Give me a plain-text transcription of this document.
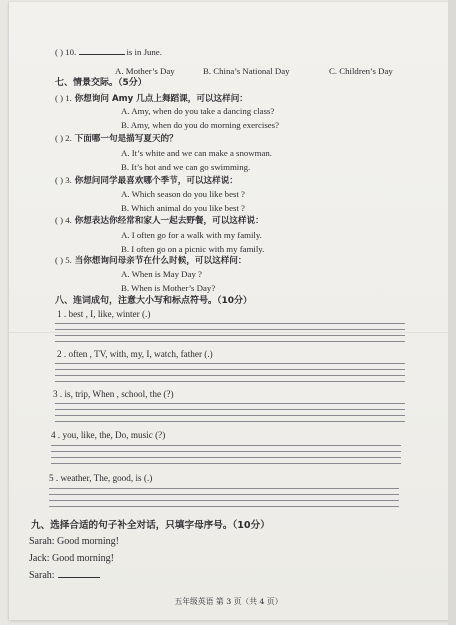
( ) 10.	is in June.
A. Mother’s Day	B. China’s National Day	C. Children’s Day
七、情景交际。（5分）
( ) 1. 你想询问 Amy 几点上舞蹈课，可以这样问：
A. Amy, when do you take a dancing class?
B. Amy, when do you do morning exercises?
( ) 2. 下面哪一句是描写夏天的？
A. It’s white and we can make a snowman.
B. It’s hot and we can go swimming.
( ) 3. 你想问同学最喜欢哪个季节，可以这样说：
A. Which season do you like best ?
B. Which animal do you like best ?
( ) 4. 你想表达你经常和家人一起去野餐，可以这样说：
A. I often go for a walk with my family.
B. I often go on a picnic with my family.
( ) 5. 当你想询问母亲节在什么时候，可以这样问：
A. When is May Day ?
B. When is Mother’s Day?
八、连词成句，注意大小写和标点符号。（10分）
1 . best , I, like, winter (.)
2 . often , TV, with, my, I, watch, father (.)
3 . is, trip, When , school, the (?)
4 . you, like, the, Do, music (?)
5 . weather, The, good, is (.)
九、选择合适的句子补全对话，只填字母序号。（10分）
Sarah: Good morning!
Jack: Good morning!
Sarah:
五年级英语 第 3 页（共 4 页）
